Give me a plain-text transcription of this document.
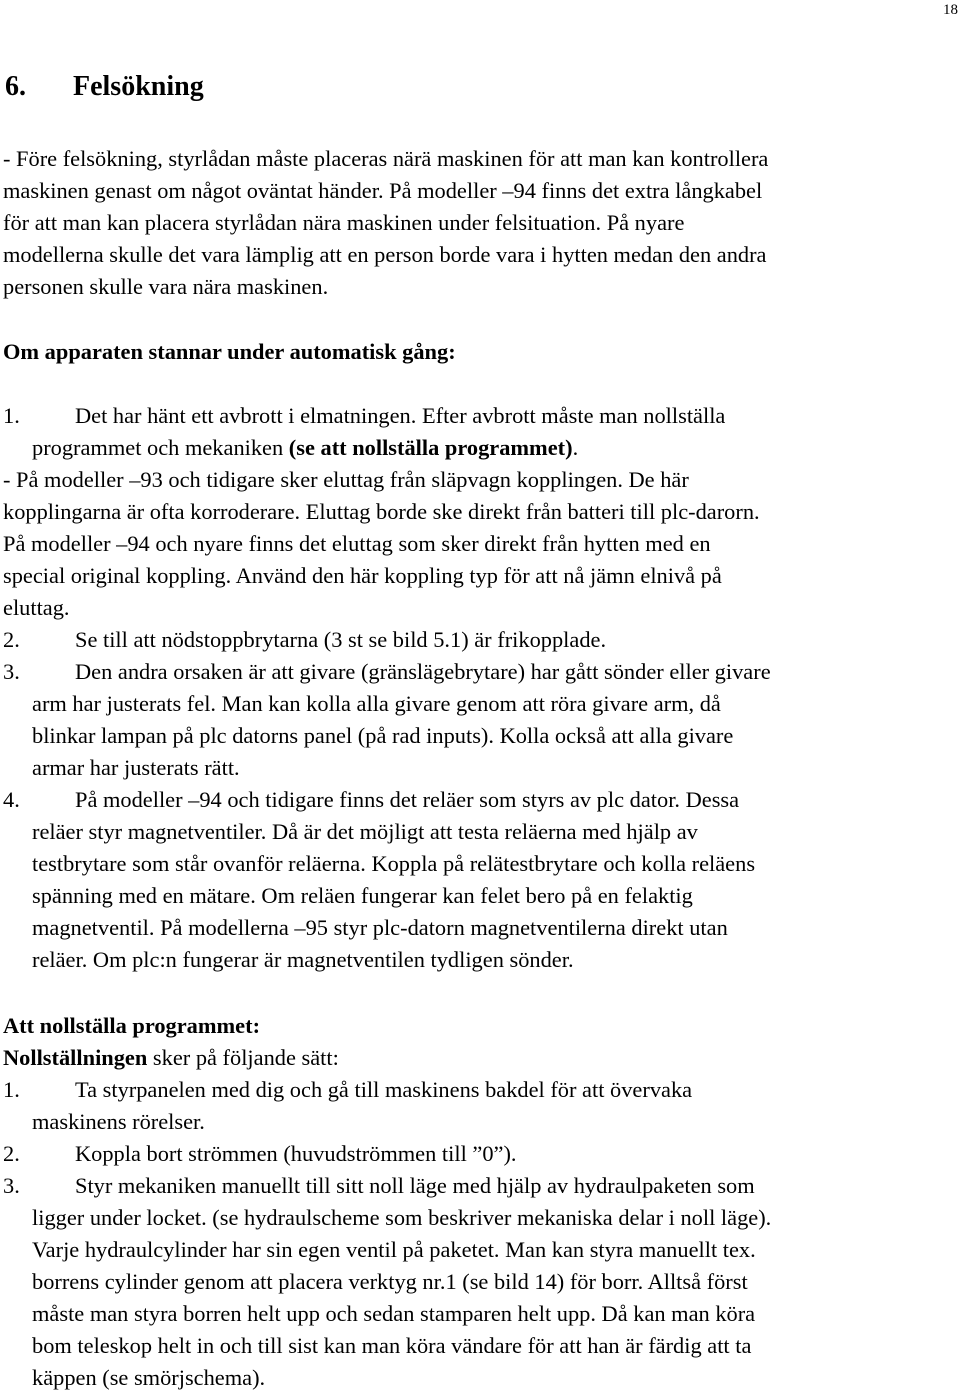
18
6. Felsökning

- Före felsökning, styrlådan måste placeras närä maskinen för att man kan kontrollera

maskinen genast om något oväntat händer. På modeller –94 finns det extra långkabel

för att man kan placera styrlådan nära maskinen under felsituation. På nyare

modellerna skulle det vara lämplig att en person borde vara i hytten medan den andra

personen skulle vara nära maskinen.

Om apparaten stannar under automatisk gång:

1.	Det har hänt ett avbrott i elmatningen. Efter avbrott måste man nollställa

programmet och mekaniken (se att nollställa programmet).

- På modeller –93 och tidigare sker eluttag från släpvagn kopplingen. De här

kopplingarna är ofta korroderare. Eluttag borde ske direkt från batteri till plc-darorn.

På modeller –94 och nyare finns det eluttag som sker direkt från hytten med en

special original koppling. Använd den här koppling typ för att nå jämn elnivå på

eluttag.

2.	Se till att nödstoppbrytarna (3 st se bild 5.1) är frikopplade.
3.	Den andra orsaken är att givare (gränslägebrytare) har gått sönder eller givare

arm har justerats fel. Man kan kolla alla givare genom att röra givare arm, då

blinkar lampan på plc datorns panel (på rad inputs). Kolla också att alla givare

armar har justerats rätt.

4.	På modeller –94 och tidigare finns det reläer som styrs av plc dator. Dessa

reläer styr magnetventiler. Då är det möjligt att testa reläerna med hjälp av

testbrytare som står ovanför reläerna. Koppla på relätestbrytare och kolla reläens

spänning med en mätare. Om reläen fungerar kan felet bero på en felaktig

magnetventil. På modellerna –95 styr plc-datorn magnetventilerna direkt utan

reläer. Om plc:n fungerar är magnetventilen tydligen sönder.

Att nollställa programmet:

Nollställningen sker på följande sätt:

1.	Ta styrpanelen med dig och gå till maskinens bakdel för att övervaka

maskinens rörelser.

2.	Koppla bort strömmen (huvudströmmen till ”0”).
3.	Styr mekaniken manuellt till sitt noll läge med hjälp av hydraulpaketen som

ligger under locket. (se hydraulscheme som beskriver mekaniska delar i noll läge).

Varje hydraulcylinder har sin egen ventil på paketet. Man kan styra manuellt tex.

borrens cylinder genom att placera verktyg nr.1 (se bild 14) för borr. Alltså först

måste man styra borren helt upp och sedan stamparen helt upp. Då kan man köra

bom teleskop helt in och till sist kan man köra vändare för att han är färdig att ta

käppen (se smörjschema).
